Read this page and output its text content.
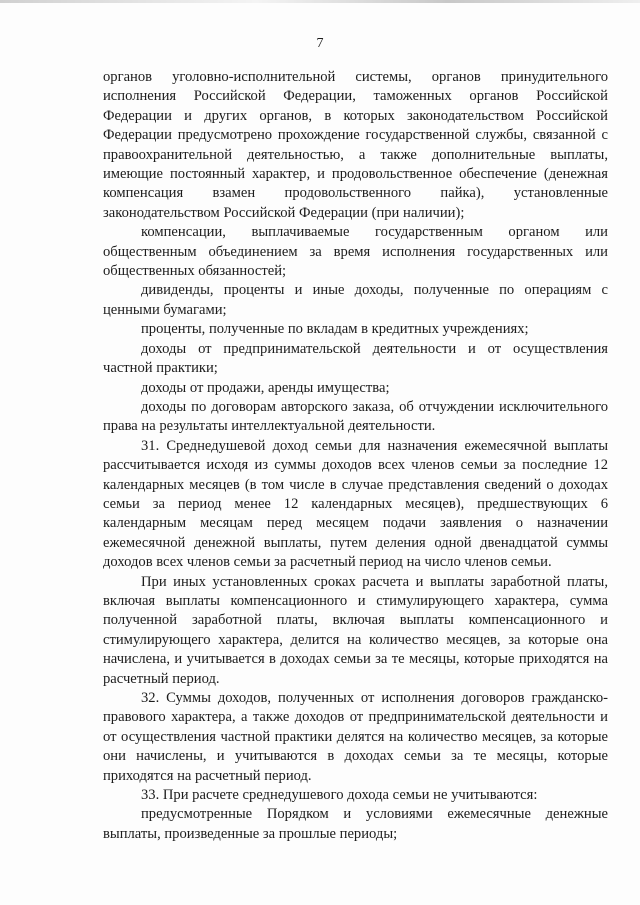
7

органов уголовно-исполнительной системы, органов принудительного исполнения Российской Федерации, таможенных органов Российской Федерации и других органов, в которых законодательством Российской Федерации предусмотрено прохождение государственной службы, связанной с правоохранительной деятельностью, а также дополнительные выплаты, имеющие постоянный характер, и продовольственное обеспечение (денежная компенсация взамен продовольственного пайка), установленные законодательством Российской Федерации (при наличии);

компенсации, выплачиваемые государственным органом или общественным объединением за время исполнения государственных или общественных обязанностей;

дивиденды, проценты и иные доходы, полученные по операциям с ценными бумагами;

проценты, полученные по вкладам в кредитных учреждениях;

доходы от предпринимательской деятельности и от осуществления частной практики;

доходы от продажи, аренды имущества;

доходы по договорам авторского заказа, об отчуждении исключительного права на результаты интеллектуальной деятельности.

31. Среднедушевой доход семьи для назначения ежемесячной выплаты рассчитывается исходя из суммы доходов всех членов семьи за последние 12 календарных месяцев (в том числе в случае представления сведений о доходах семьи за период менее 12 календарных месяцев), предшествующих 6 календарным месяцам перед месяцем подачи заявления о назначении ежемесячной денежной выплаты, путем деления одной двенадцатой суммы доходов всех членов семьи за расчетный период на число членов семьи.

При иных установленных сроках расчета и выплаты заработной платы, включая выплаты компенсационного и стимулирующего характера, сумма полученной заработной платы, включая выплаты компенсационного и стимулирующего характера, делится на количество месяцев, за которые она начислена, и учитывается в доходах семьи за те месяцы, которые приходятся на расчетный период.

32. Суммы доходов, полученных от исполнения договоров гражданско-правового характера, а также доходов от предпринимательской деятельности и от осуществления частной практики делятся на количество месяцев, за которые они начислены, и учитываются в доходах семьи за те месяцы, которые приходятся на расчетный период.

33. При расчете среднедушевого дохода семьи не учитываются:

предусмотренные Порядком и условиями ежемесячные денежные выплаты, произведенные за прошлые периоды;
